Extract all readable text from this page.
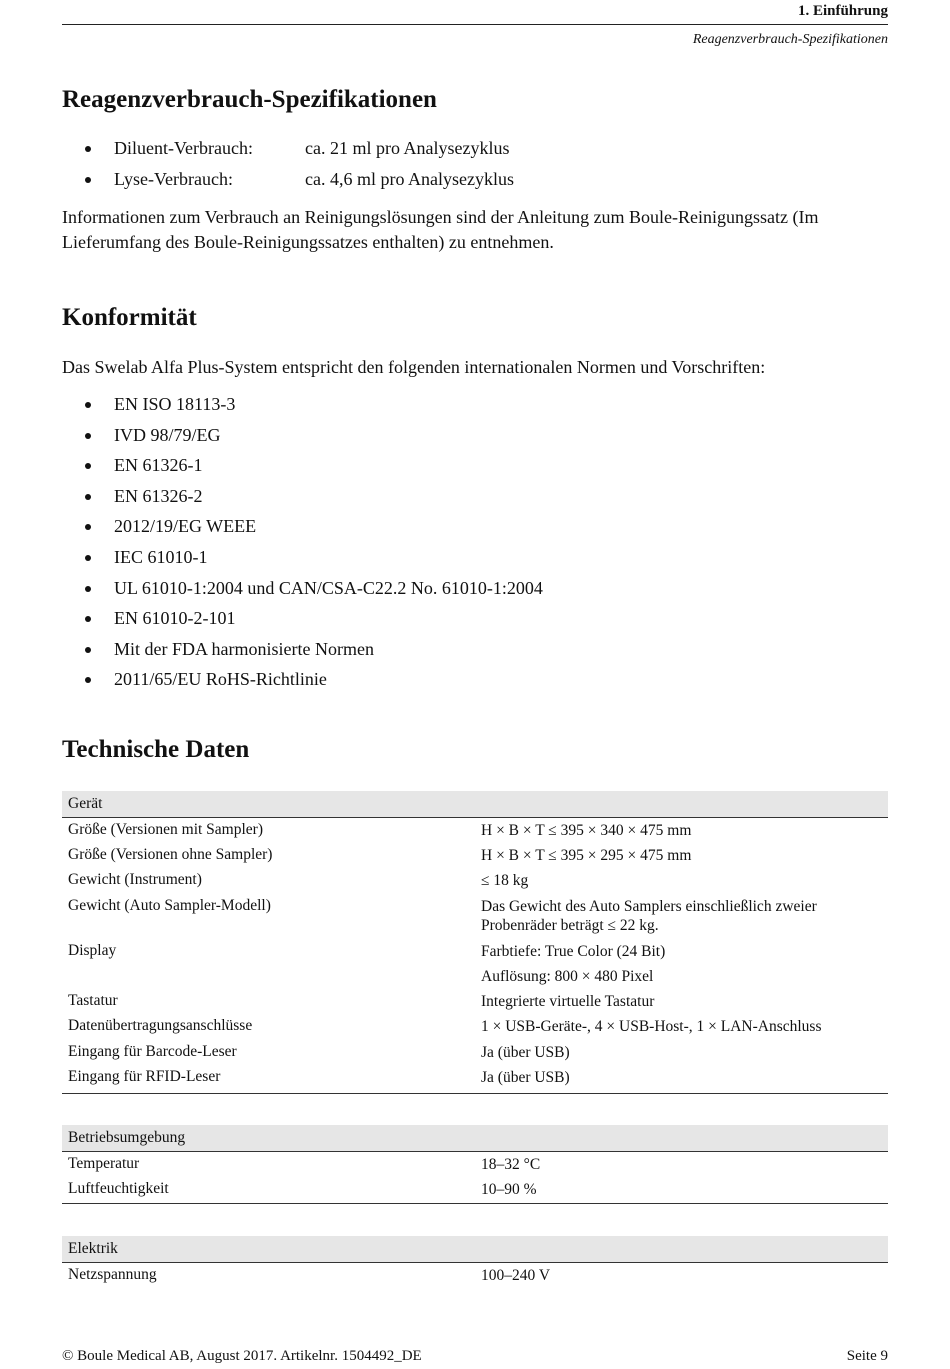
1. Einführung
Reagenzverbrauch-Spezifikationen
Reagenzverbrauch-Spezifikationen
Diluent-Verbrauch:	ca. 21 ml pro Analysezyklus
Lyse-Verbrauch:	ca. 4,6 ml pro Analysezyklus

Informationen zum Verbrauch an Reinigungslösungen sind der Anleitung zum Boule-Reinigungssatz (Im Lieferumfang des Boule-Reinigungssatzes enthalten) zu entnehmen.

Konformität

Das Swelab Alfa Plus-System entspricht den folgenden internationalen Normen und Vorschriften:

EN ISO 18113-3
IVD 98/79/EG
EN 61326-1
EN 61326-2
2012/19/EG WEEE
IEC 61010-1
UL 61010-1:2004 und CAN/CSA-C22.2 No. 61010-1:2004
EN 61010-2-101
Mit der FDA harmonisierte Normen
2011/65/EU RoHS-Richtlinie
Technische Daten
Gerät
Größe (Versionen mit Sampler)	H × B × T ≤ 395 × 340 × 475 mm
Größe (Versionen ohne Sampler)	H × B × T ≤ 395 × 295 × 475 mm
Gewicht (Instrument)	≤ 18 kg
Gewicht (Auto Sampler-Modell)	Das Gewicht des Auto Samplers einschließlich zweier Probenräder beträgt ≤ 22 kg.
Display	Farbtiefe: True Color (24 Bit)
Auflösung: 800 × 480 Pixel
Tastatur	Integrierte virtuelle Tastatur
Datenübertragungsanschlüsse	1 × USB-Geräte-, 4 × USB-Host-, 1 × LAN-Anschluss
Eingang für Barcode-Leser	Ja (über USB)
Eingang für RFID-Leser	Ja (über USB)
Betriebsumgebung
Temperatur	18–32 °C
Luftfeuchtigkeit	10–90 %
Elektrik
Netzspannung	100–240 V
© Boule Medical AB, August 2017. Artikelnr. 1504492_DE	Seite 9
